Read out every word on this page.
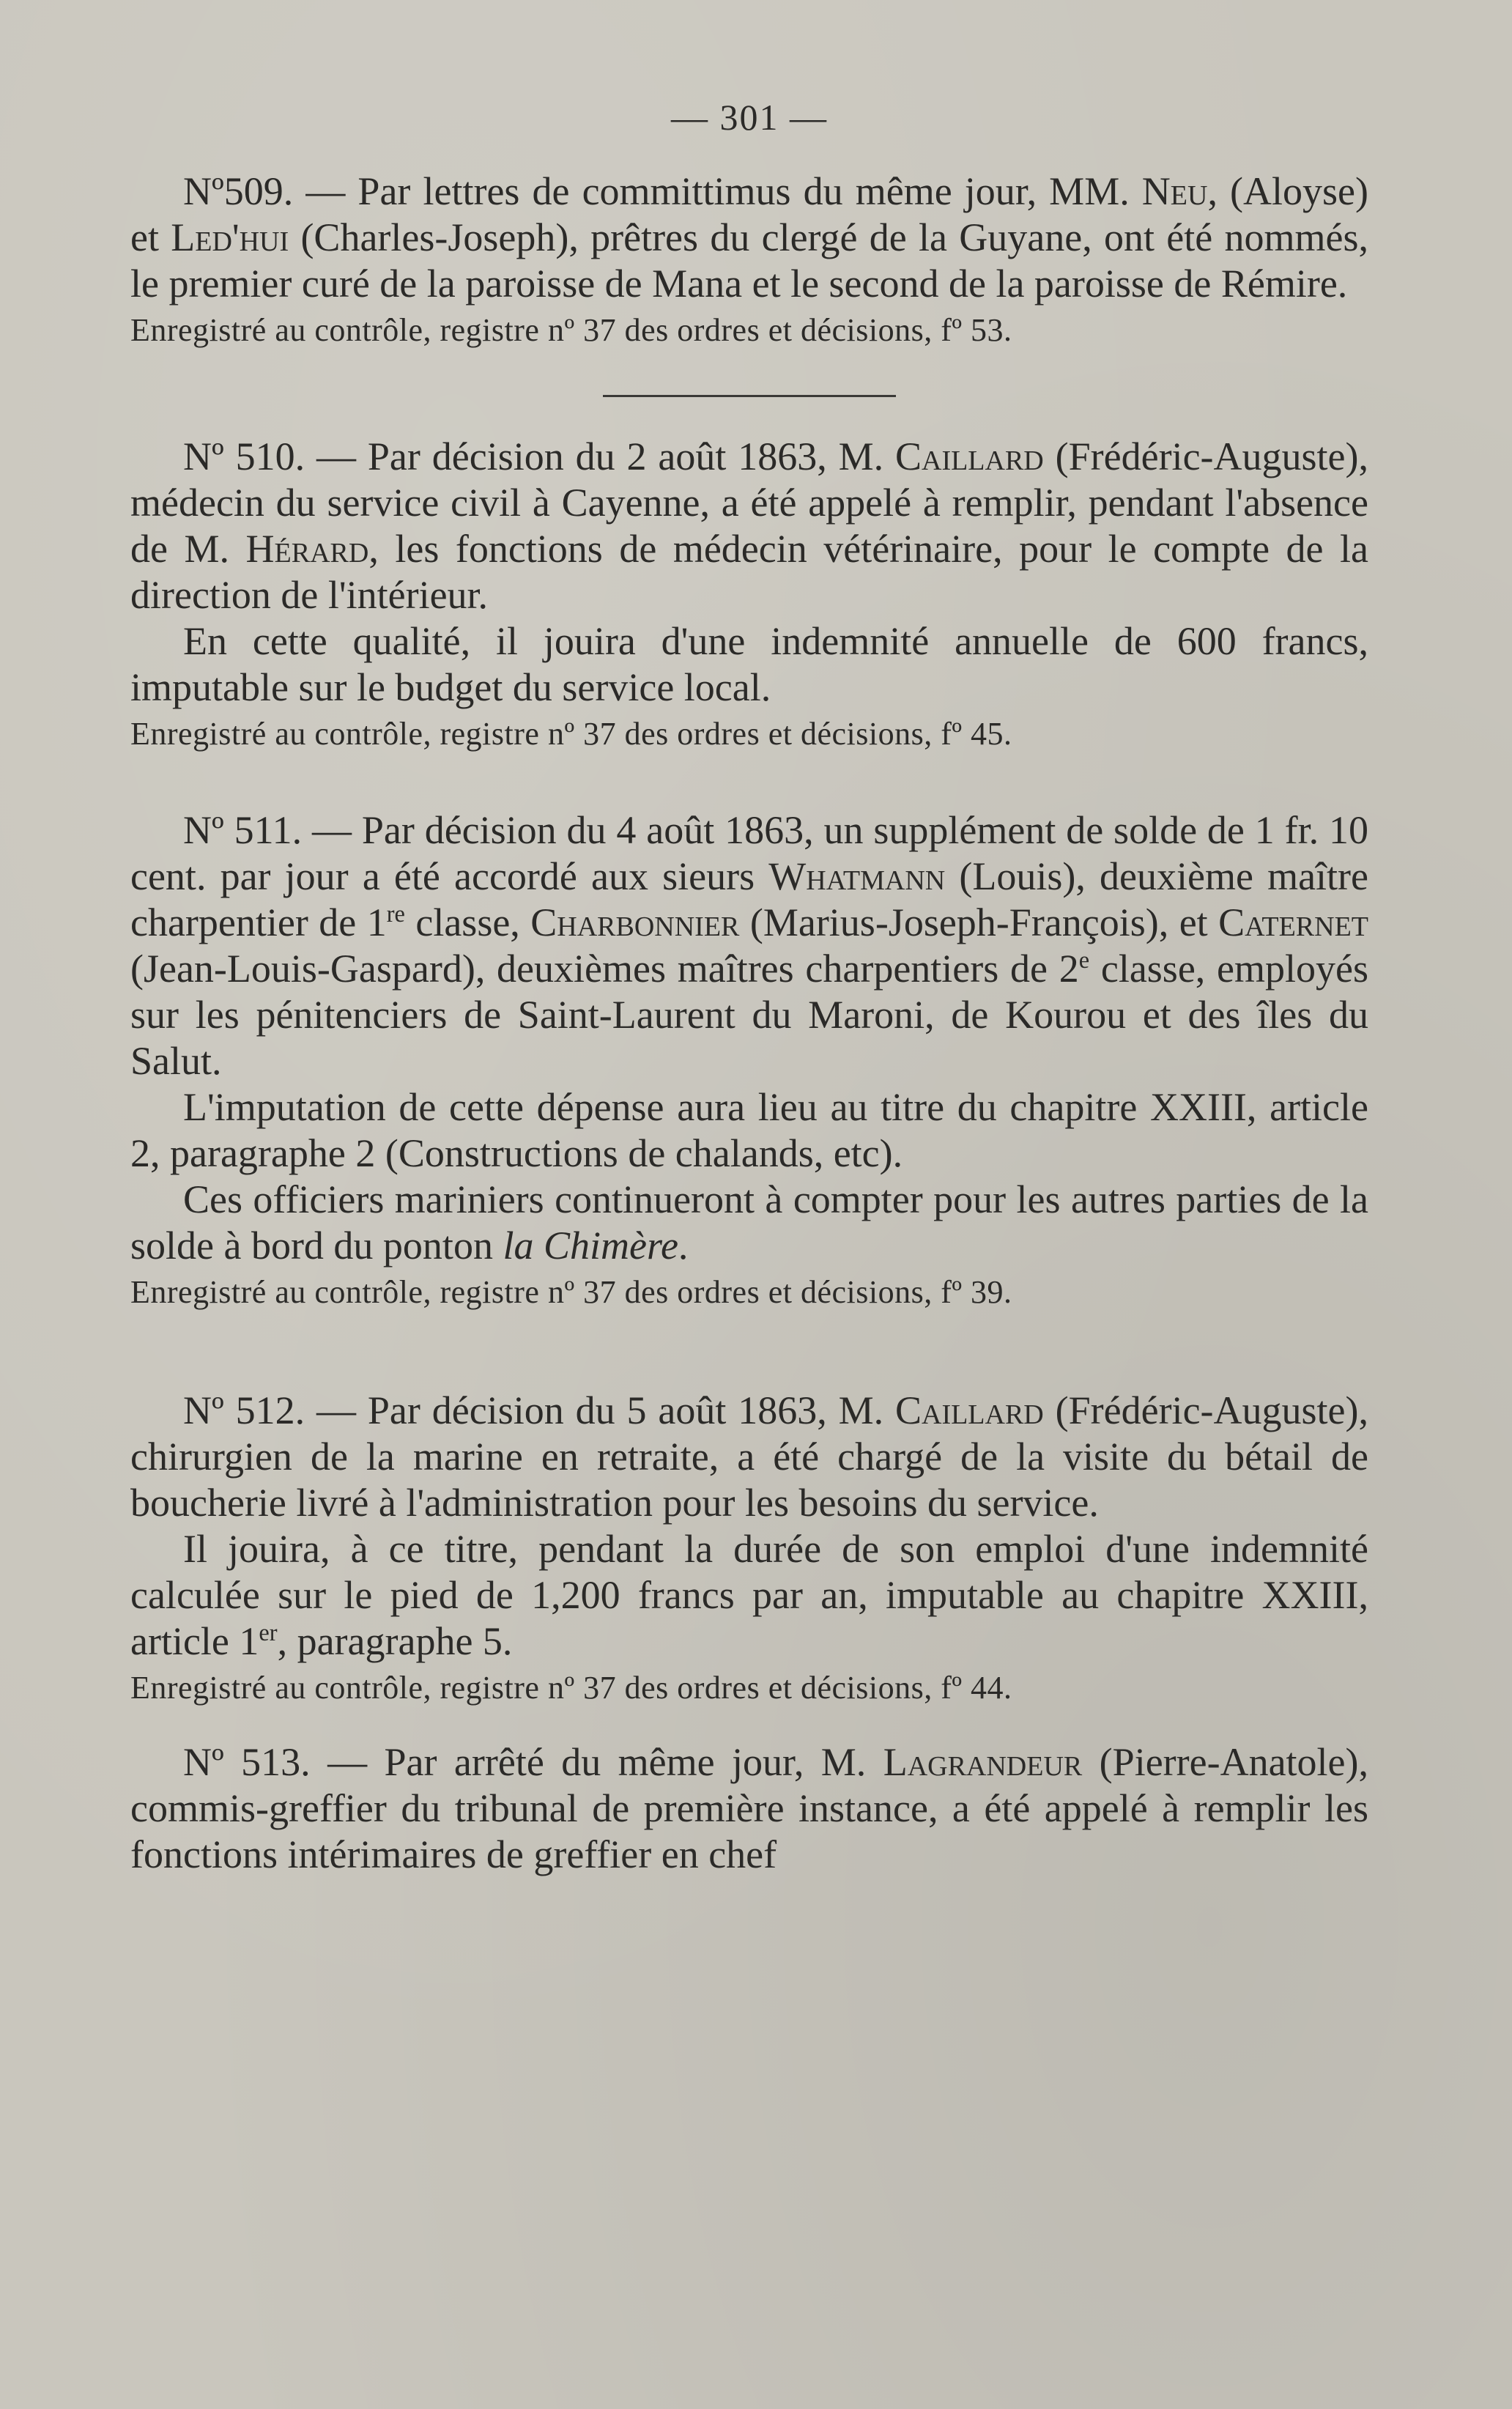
— 301 —

Nº509. — Par lettres de committimus du même jour, MM. Neu, (Aloyse) et Led'hui (Charles-Joseph), prêtres du clergé de la Guyane, ont été nommés, le premier curé de la paroisse de Mana et le second de la paroisse de Rémire.

Enregistré au contrôle, registre nº 37 des ordres et décisions, fº 53.

Nº 510. — Par décision du 2 août 1863, M. Caillard (Frédéric-Auguste), médecin du service civil à Cayenne, a été appelé à remplir, pendant l'absence de M. Hérard, les fonctions de médecin vétérinaire, pour le compte de la direction de l'intérieur.

En cette qualité, il jouira d'une indemnité annuelle de 600 francs, imputable sur le budget du service local.

Enregistré au contrôle, registre nº 37 des ordres et décisions, fº 45.

Nº 511. — Par décision du 4 août 1863, un supplément de solde de 1 fr. 10 cent. par jour a été accordé aux sieurs Whatmann (Louis), deuxième maître charpentier de 1re classe, Charbonnier (Marius-Joseph-François), et Caternet (Jean-Louis-Gaspard), deuxièmes maîtres charpentiers de 2e classe, employés sur les pénitenciers de Saint-Laurent du Maroni, de Kourou et des îles du Salut.

L'imputation de cette dépense aura lieu au titre du chapitre XXIII, article 2, paragraphe 2 (Constructions de chalands, etc).

Ces officiers mariniers continueront à compter pour les autres parties de la solde à bord du ponton la Chimère.

Enregistré au contrôle, registre nº 37 des ordres et décisions, fº 39.

Nº 512. — Par décision du 5 août 1863, M. Caillard (Frédéric-Auguste), chirurgien de la marine en retraite, a été chargé de la visite du bétail de boucherie livré à l'administration pour les besoins du service.

Il jouira, à ce titre, pendant la durée de son emploi d'une indemnité calculée sur le pied de 1,200 francs par an, imputable au chapitre XXIII, article 1er, paragraphe 5.

Enregistré au contrôle, registre nº 37 des ordres et décisions, fº 44.

Nº 513. — Par arrêté du même jour, M. Lagrandeur (Pierre-Anatole), commis-greffier du tribunal de première instance, a été appelé à remplir les fonctions intérimaires de greffier en chef
